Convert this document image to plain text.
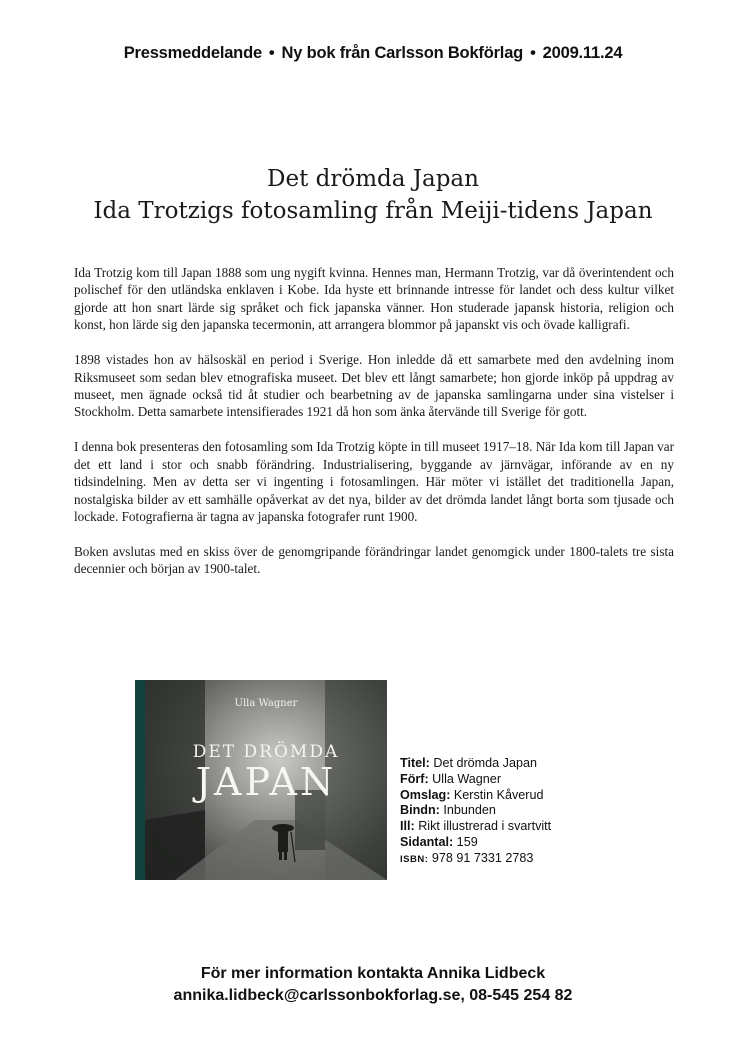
Pressmeddelande • Ny bok från Carlsson Bokförlag • 2009.11.24
Det drömda Japan
Ida Trotzigs fotosamling från Meiji-tidens Japan

Ida Trotzig kom till Japan 1888 som ung nygift kvinna. Hennes man, Hermann Trotzig, var då överintendent och polischef för den utländska enklaven i Kobe. Ida hyste ett brinnande intresse för landet och dess kultur vilket gjorde att hon snart lärde sig språket och fick japanska vänner. Hon studerade japansk historia, religion och konst, hon lärde sig den japanska tecermonin, att arrangera blommor på japanskt vis och övade kalligrafi.

1898 vistades hon av hälsoskäl en period i Sverige. Hon inledde då ett samarbete med den avdelning inom Riksmuseet som sedan blev etnografiska museet. Det blev ett långt samarbete; hon gjorde inköp på uppdrag av museet, men ägnade också tid åt studier och bearbetning av de japanska samlingarna under sina vistelser i Stockholm. Detta samarbete intensifierades 1921 då hon som änka återvände till Sverige för gott.

I denna bok presenteras den fotosamling som Ida Trotzig köpte in till museet 1917–18. När Ida kom till Japan var det ett land i stor och snabb förändring. Industrialisering, byggande av järnvägar, införande av en ny tidsindelning. Men av detta ser vi ingenting i fotosamlingen. Här möter vi istället det traditionella Japan, nostalgiska bilder av ett samhälle opåverkat av det nya, bilder av det drömda landet långt borta som tjusade och lockade. Fotografierna är tagna av japanska fotografer runt 1900.

Boken avslutas med en skiss över de genomgripande förändringar landet genomgick under 1800-talets tre sista decennier och början av 1900-talet.

Ulla Wagner
DET DRÖMDA
JAPAN	Titel: Det drömda Japan
Förf: Ulla Wagner
Omslag: Kerstin Kåverud
Bindn: Inbunden
Ill: Rikt illustrerad i svartvitt
Sidantal: 159
ISBN: 978 91 7331 2783
För mer information kontakta Annika Lidbeck
annika.lidbeck@carlssonbokforlag.se, 08-545 254 82
